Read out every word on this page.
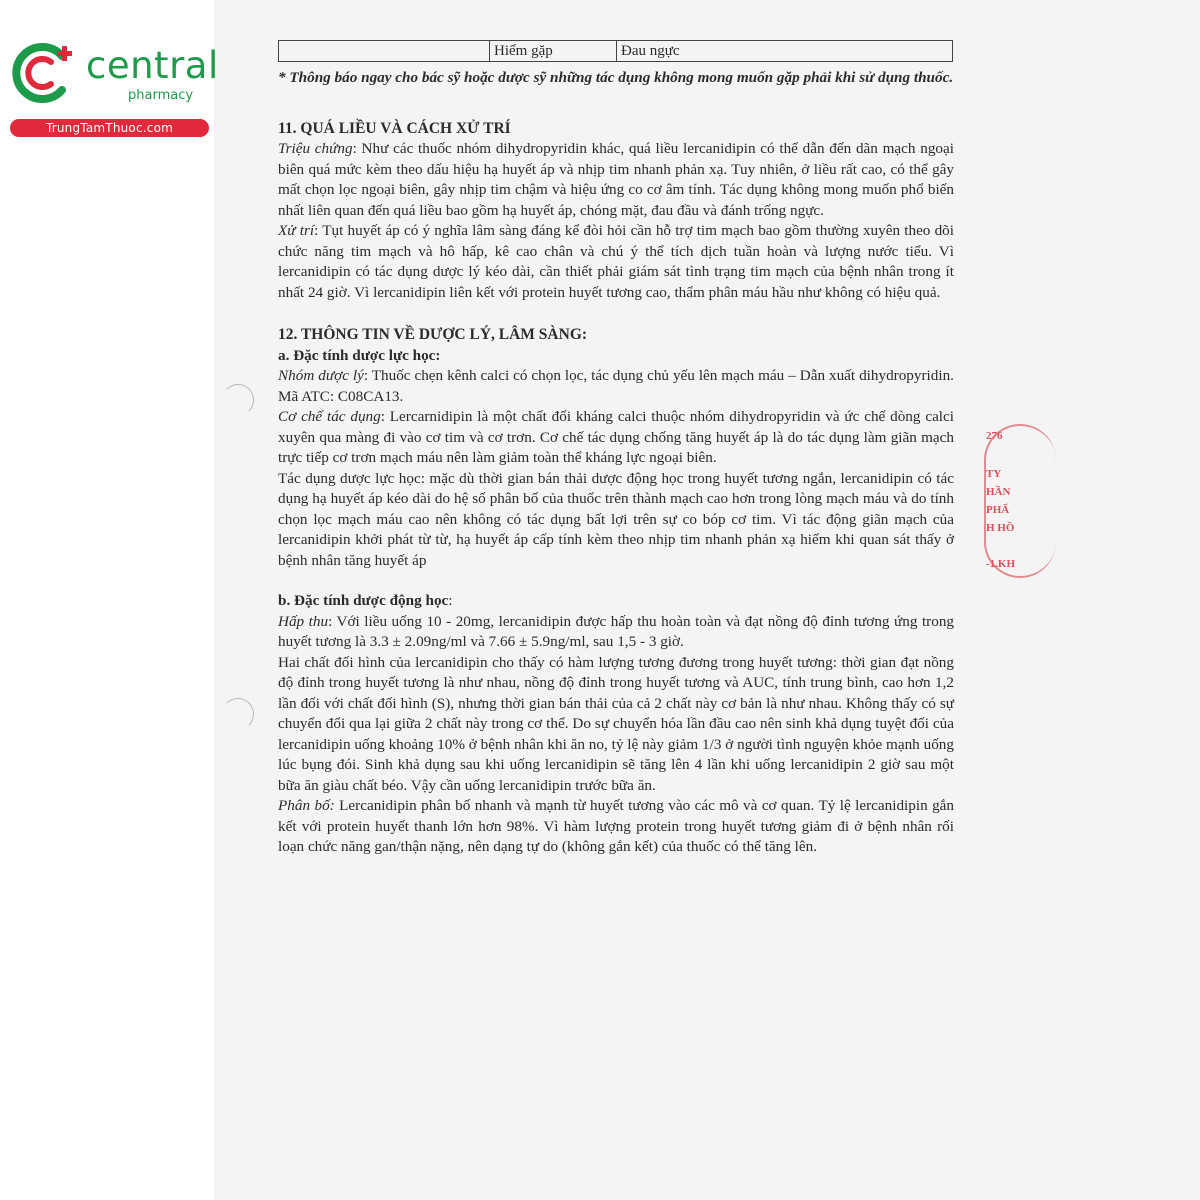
central
pharmacy
TrungTamThuoc.com
276
TY
HẦN
PHẨ
H HỒ
-1.KH
	Hiếm gặp	Đau ngực

* Thông báo ngay cho bác sỹ hoặc dược sỹ những tác dụng không mong muốn gặp phải khi sử dụng thuốc.

11. QUÁ LIỀU VÀ CÁCH XỬ TRÍ

Triệu chứng: Như các thuốc nhóm dihydropyridin khác, quá liều lercanidipin có thể dẫn đến dãn mạch ngoại biên quá mức kèm theo dấu hiệu hạ huyết áp và nhịp tim nhanh phản xạ. Tuy nhiên, ở liều rất cao, có thể gây mất chọn lọc ngoại biên, gây nhịp tim chậm và hiệu ứng co cơ âm tính. Tác dụng không mong muốn phổ biến nhất liên quan đến quá liều bao gồm hạ huyết áp, chóng mặt, đau đầu và đánh trống ngực.

Xử trí: Tụt huyết áp có ý nghĩa lâm sàng đáng kể đòi hỏi cần hỗ trợ tim mạch bao gồm thường xuyên theo dõi chức năng tim mạch và hô hấp, kê cao chân và chú ý thể tích dịch tuần hoàn và lượng nước tiểu. Vì lercanidipin có tác dụng dược lý kéo dài, cần thiết phải giám sát tình trạng tim mạch của bệnh nhân trong ít nhất 24 giờ. Vì lercanidipin liên kết với protein huyết tương cao, thẩm phân máu hầu như không có hiệu quả.

12. THÔNG TIN VỀ DƯỢC LÝ, LÂM SÀNG:
a. Đặc tính dược lực học:

Nhóm dược lý: Thuốc chẹn kênh calci có chọn lọc, tác dụng chủ yếu lên mạch máu – Dẫn xuất dihydropyridin. Mã ATC: C08CA13.

Cơ chế tác dụng: Lercarnidipin là một chất đối kháng calci thuộc nhóm dihydropyridin và ức chế dòng calci xuyên qua màng đi vào cơ tim và cơ trơn. Cơ chế tác dụng chống tăng huyết áp là do tác dụng làm giãn mạch trực tiếp cơ trơn mạch máu nên làm giảm toàn thể kháng lực ngoại biên.

Tác dụng dược lực học: mặc dù thời gian bán thải dược động học trong huyết tương ngắn, lercanidipin có tác dụng hạ huyết áp kéo dài do hệ số phân bố của thuốc trên thành mạch cao hơn trong lòng mạch máu và do tính chọn lọc mạch máu cao nên không có tác dụng bất lợi trên sự co bóp cơ tim. Vì tác động giãn mạch của lercanidipin khởi phát từ từ, hạ huyết áp cấp tính kèm theo nhịp tim nhanh phản xạ hiếm khi quan sát thấy ở bệnh nhân tăng huyết áp

b. Đặc tính dược động học:

Hấp thu: Với liều uống 10 - 20mg, lercanidipin được hấp thu hoàn toàn và đạt nồng độ đỉnh tương ứng trong huyết tương là 3.3 ± 2.09ng/ml và 7.66 ± 5.9ng/ml, sau 1,5 - 3 giờ.

Hai chất đối hình của lercanidipin cho thấy có hàm lượng tương đương trong huyết tương: thời gian đạt nồng độ đỉnh trong huyết tương là như nhau, nồng độ đỉnh trong huyết tương và AUC, tính trung bình, cao hơn 1,2 lần đối với chất đối hình (S), nhưng thời gian bán thải của cả 2 chất này cơ bản là như nhau. Không thấy có sự chuyển đổi qua lại giữa 2 chất này trong cơ thể. Do sự chuyển hóa lần đầu cao nên sinh khả dụng tuyệt đối của lercanidipin uống khoảng 10% ở bệnh nhân khi ăn no, tỷ lệ này giảm 1/3 ở người tình nguyện khỏe mạnh uống lúc bụng đói. Sinh khả dụng sau khi uống lercanidipin sẽ tăng lên 4 lần khi uống lercanidipin 2 giờ sau một bữa ăn giàu chất béo. Vậy cần uống lercanidipin trước bữa ăn.

Phân bố: Lercanidipin phân bố nhanh và mạnh từ huyết tương vào các mô và cơ quan. Tỷ lệ lercanidipin gắn kết với protein huyết thanh lớn hơn 98%. Vì hàm lượng protein trong huyết tương giảm đi ở bệnh nhân rối loạn chức năng gan/thận nặng, nên dạng tự do (không gắn kết) của thuốc có thể tăng lên.
